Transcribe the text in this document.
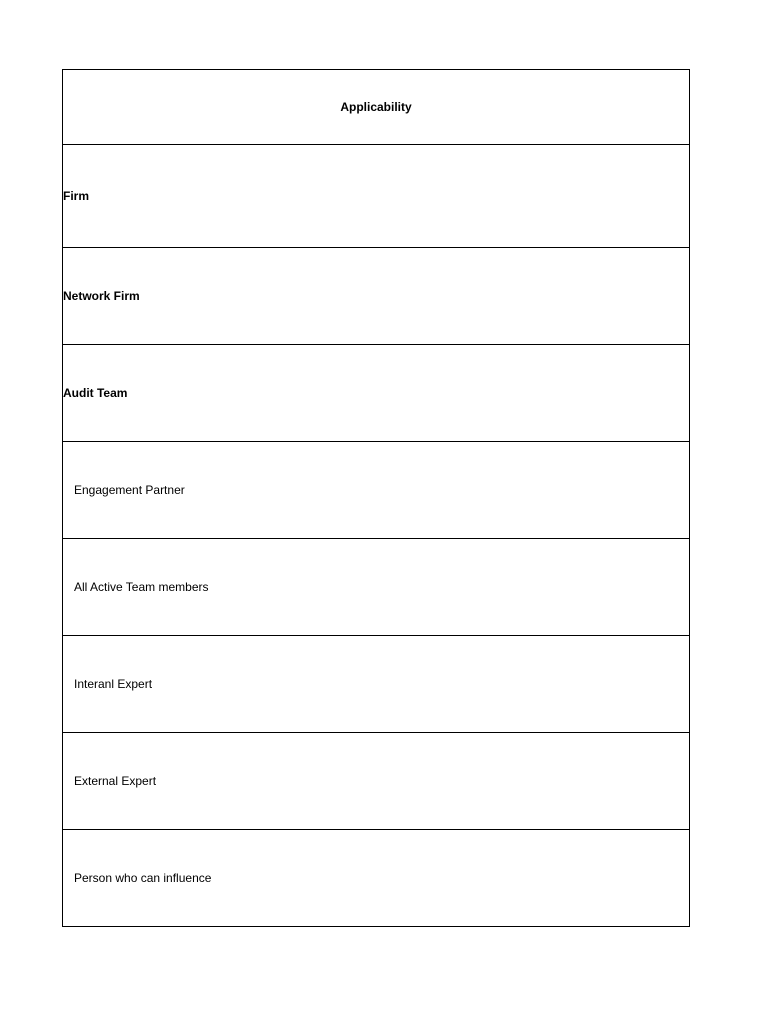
Applicability
Firm
Network Firm
Audit Team
Engagement Partner
All Active Team members
Interanl Expert
External Expert
Person who can influence
